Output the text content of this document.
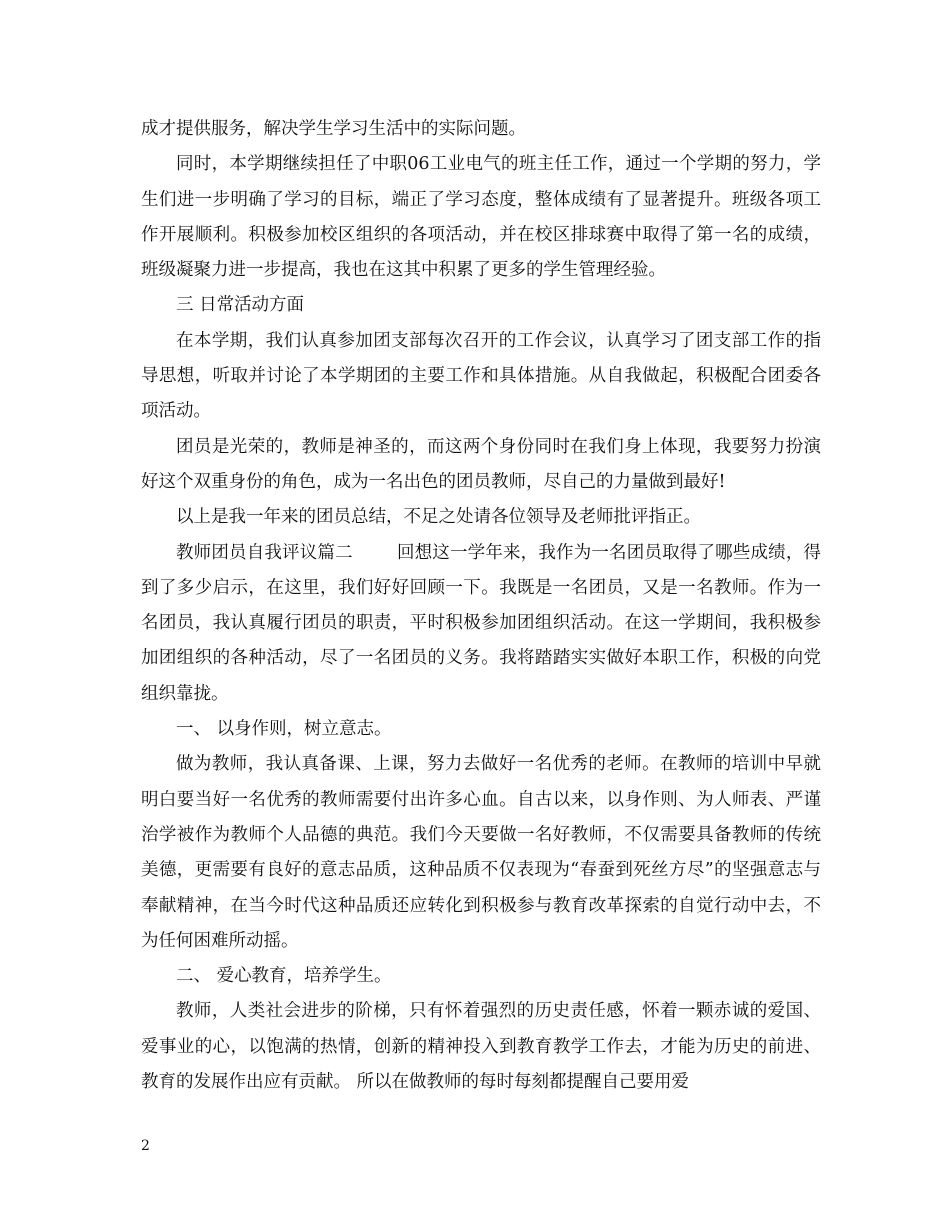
成才提供服务，解决学生学习生活中的实际问题。

同时，本学期继续担任了中职06工业电气的班主任工作，通过一个学期的努力，学生们进一步明确了学习的目标，端正了学习态度，整体成绩有了显著提升。班级各项工作开展顺利。积极参加校区组织的各项活动，并在校区排球赛中取得了第一名的成绩，班级凝聚力进一步提高，我也在这其中积累了更多的学生管理经验。

三 日常活动方面

在本学期，我们认真参加团支部每次召开的工作会议，认真学习了团支部工作的指导思想，听取并讨论了本学期团的主要工作和具体措施。从自我做起，积极配合团委各项活动。

团员是光荣的，教师是神圣的，而这两个身份同时在我们身上体现，我要努力扮演好这个双重身份的角色，成为一名出色的团员教师，尽自己的力量做到最好!

以上是我一年来的团员总结，不足之处请各位领导及老师批评指正。

教师团员自我评议篇二	回想这一学年来，我作为一名团员取得了哪些成绩，得到了多少启示，在这里，我们好好回顾一下。我既是一名团员，又是一名教师。作为一名团员，我认真履行团员的职责，平时积极参加团组织活动。在这一学期间，我积极参加团组织的各种活动，尽了一名团员的义务。我将踏踏实实做好本职工作，积极的向党组织靠拢。

一、 以身作则，树立意志。

做为教师，我认真备课、上课，努力去做好一名优秀的老师。在教师的培训中早就明白要当好一名优秀的教师需要付出许多心血。自古以来，以身作则、为人师表、严谨治学被作为教师个人品德的典范。我们今天要做一名好教师，不仅需要具备教师的传统美德，更需要有良好的意志品质，这种品质不仅表现为“春蚕到死丝方尽”的坚强意志与奉献精神，在当今时代这种品质还应转化到积极参与教育改革探索的自觉行动中去，不为任何困难所动摇。

二、 爱心教育，培养学生。

教师，人类社会进步的阶梯，只有怀着强烈的历史责任感，怀着一颗赤诚的爱国、爱事业的心，以饱满的热情，创新的精神投入到教育教学工作去，才能为历史的前进、教育的发展作出应有贡献。 所以在做教师的每时每刻都提醒自己要用爱

2
